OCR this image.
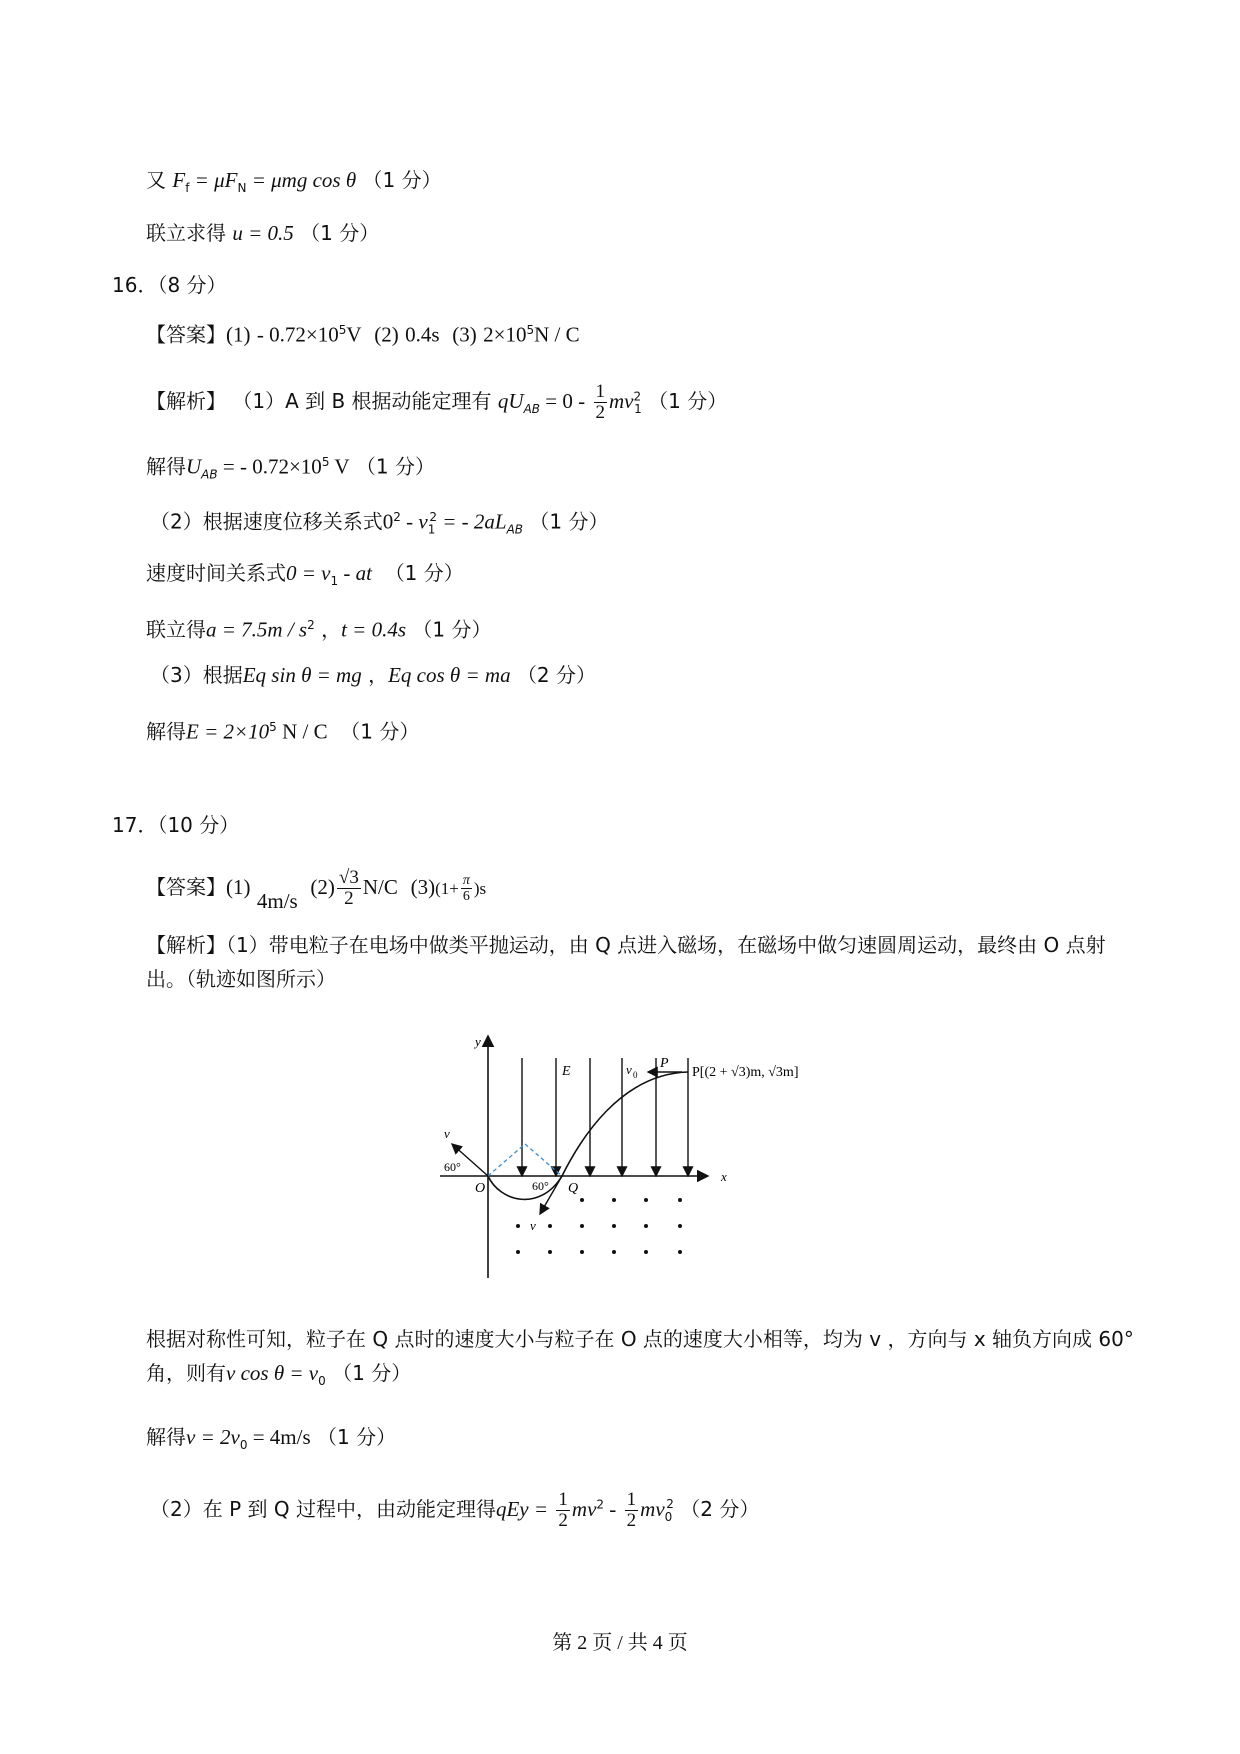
又 $F_f = \mu F_N = \mu mg$ cos θ （1 分）
联立求得 u = 0.5 （1 分）
16．（8 分）
【答案】$(1) - 0.72\times 10^5V$ (2) 0.4s (3) $2\times 10^5N / C$
【解析】 （1）A 到 B 根据动能定理有 $qU_{AB} = 0 - \frac{1}{2} mv^2_1$ （1 分）
解得$U_{AB}$ = - $0.72\times 10^5$ V （1 分）
（2）根据速度位移关系式$0^2 - v_1^2$ = - $2aL_{AB}$ （1 分）
速度时间关系式$0 = v_1$ - at （1 分）
联立得$a = 7.5m / s^2$ ，t = 0.4s （1 分）
（3）根据Eq sin θ = mg ，Eq cos θ = ma （2 分）
解得$E = 2\times 10^5$ N / C （1 分）
17．（10 分）
【答案】(1) 4m/s  $(2) \frac{√3}{2} N/C$ $(3)(1+ \frac{\pi}{6} )s$
【解析】（1）带电粒子在电场中做类平抛运动，由 Q 点进入磁场，在磁场中做匀速圆周运动，最终由 O 点射出。（轨迹如图所示）
y
x
E	v 0
P
P[(2 + √3)m, √3m]
v
v
60°
60°
O	Q
根据对称性可知，粒子在 Q 点时的速度大小与粒子在 O 点的速度大小相等，均为 v ，方向与 x 轴负方向成 60°角，则有v $\cos \theta = v_0$ （1 分）
解得$v = 2v_0 = 4m/s$ （1 分）
（2）在 P 到 Q 过程中，由动能定理得qEy = $\frac{1}{2} mv^2 - \frac{1}{2} mv_0^2$ （2 分）
第 2 页 / 共 4 页
